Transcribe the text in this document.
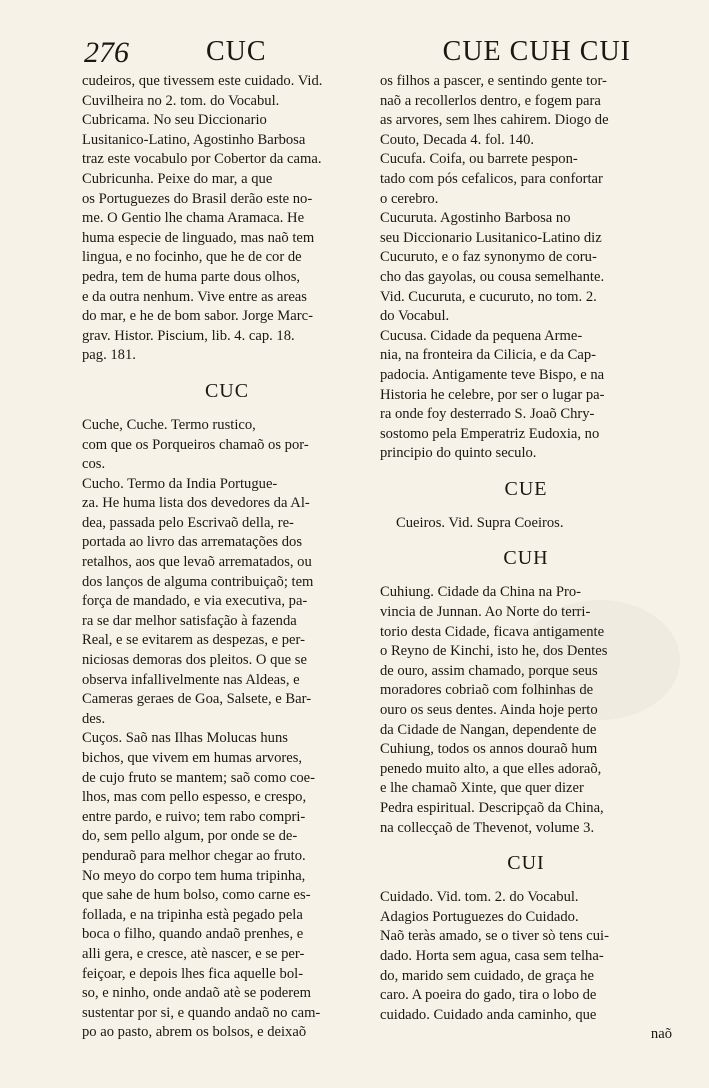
276	CUC	CUE CUH CUI
cudeiros, que tivessem este cuidado. Vid.
Cuvilheira no 2. tom. do Vocabul.
Cubricama. No seu Diccionario
Lusitanico-Latino, Agostinho Barbosa
traz este vocabulo por Cobertor da cama.
Cubricunha. Peixe do mar, a que
os Portuguezes do Brasil derão este no-
me. O Gentio lhe chama Aramaca. He
huma especie de linguado, mas naõ tem
lingua, e no focinho, que he de cor de
pedra, tem de huma parte dous olhos,
e da outra nenhum. Vive entre as areas
do mar, e he de bom sabor. Jorge Marc-
grav. Histor. Piscium, lib. 4. cap. 18.
pag. 181.
CUC
Cuche, Cuche. Termo rustico,
com que os Porqueiros chamaõ os por-
cos.
Cucho. Termo da India Portugue-
za. He huma lista dos devedores da Al-
dea, passada pelo Escrivaõ della, re-
portada ao livro das arrematações dos
retalhos, aos que levaõ arrematados, ou
dos lanços de alguma contribuiçaõ; tem
força de mandado, e via executiva, pa-
ra se dar melhor satisfação à fazenda
Real, e se evitarem as despezas, e per-
niciosas demoras dos pleitos. O que se
observa infallivelmente nas Aldeas, e
Cameras geraes de Goa, Salsete, e Bar-
des.
Cuços. Saõ nas Ilhas Molucas huns
bichos, que vivem em humas arvores,
de cujo fruto se mantem; saõ como coe-
lhos, mas com pello espesso, e crespo,
entre pardo, e ruivo; tem rabo compri-
do, sem pello algum, por onde se de-
penduraõ para melhor chegar ao fruto.
No meyo do corpo tem huma tripinha,
que sahe de hum bolso, como carne es-
follada, e na tripinha està pegado pela
boca o filho, quando andaõ prenhes, e
alli gera, e cresce, atè nascer, e se per-
feiçoar, e depois lhes fica aquelle bol-
so, e ninho, onde andaõ atè se poderem
sustentar por si, e quando andaõ no cam-
po ao pasto, abrem os bolsos, e deixaõ
os filhos a pascer, e sentindo gente tor-
naõ a recollerlos dentro, e fogem para
as arvores, sem lhes cahirem. Diogo de
Couto, Decada 4. fol. 140.
Cucufa. Coifa, ou barrete pespon-
tado com pós cefalicos, para confortar
o cerebro.
Cucuruta. Agostinho Barbosa no
seu Diccionario Lusitanico-Latino diz
Cucuruto, e o faz synonymo de coru-
cho das gayolas, ou cousa semelhante.
Vid. Cucuruta, e cucuruto, no tom. 2.
do Vocabul.
Cucusa. Cidade da pequena Arme-
nia, na fronteira da Cilicia, e da Cap-
padocia. Antigamente teve Bispo, e na
Historia he celebre, por ser o lugar pa-
ra onde foy desterrado S. Joaõ Chry-
sostomo pela Emperatriz Eudoxia, no
principio do quinto seculo.
CUE
Cueiros. Vid. Supra Coeiros.
CUH
Cuhiung. Cidade da China na Pro-
vincia de Junnan. Ao Norte do terri-
torio desta Cidade, ficava antigamente
o Reyno de Kinchi, isto he, dos Dentes
de ouro, assim chamado, porque seus
moradores cobriaõ com folhinhas de
ouro os seus dentes. Ainda hoje perto
da Cidade de Nangan, dependente de
Cuhiung, todos os annos douraõ hum
penedo muito alto, a que elles adoraõ,
e lhe chamaõ Xinte, que quer dizer
Pedra espiritual. Descripçaõ da China,
na collecçaõ de Thevenot, volume 3.
CUI
Cuidado. Vid. tom. 2. do Vocabul.
Adagios Portuguezes do Cuidado.
Naõ teràs amado, se o tiver sò tens cui-
dado. Horta sem agua, casa sem telha-
do, marido sem cuidado, de graça he
caro. A poeira do gado, tira o lobo de
cuidado. Cuidado anda caminho, que
naõ
